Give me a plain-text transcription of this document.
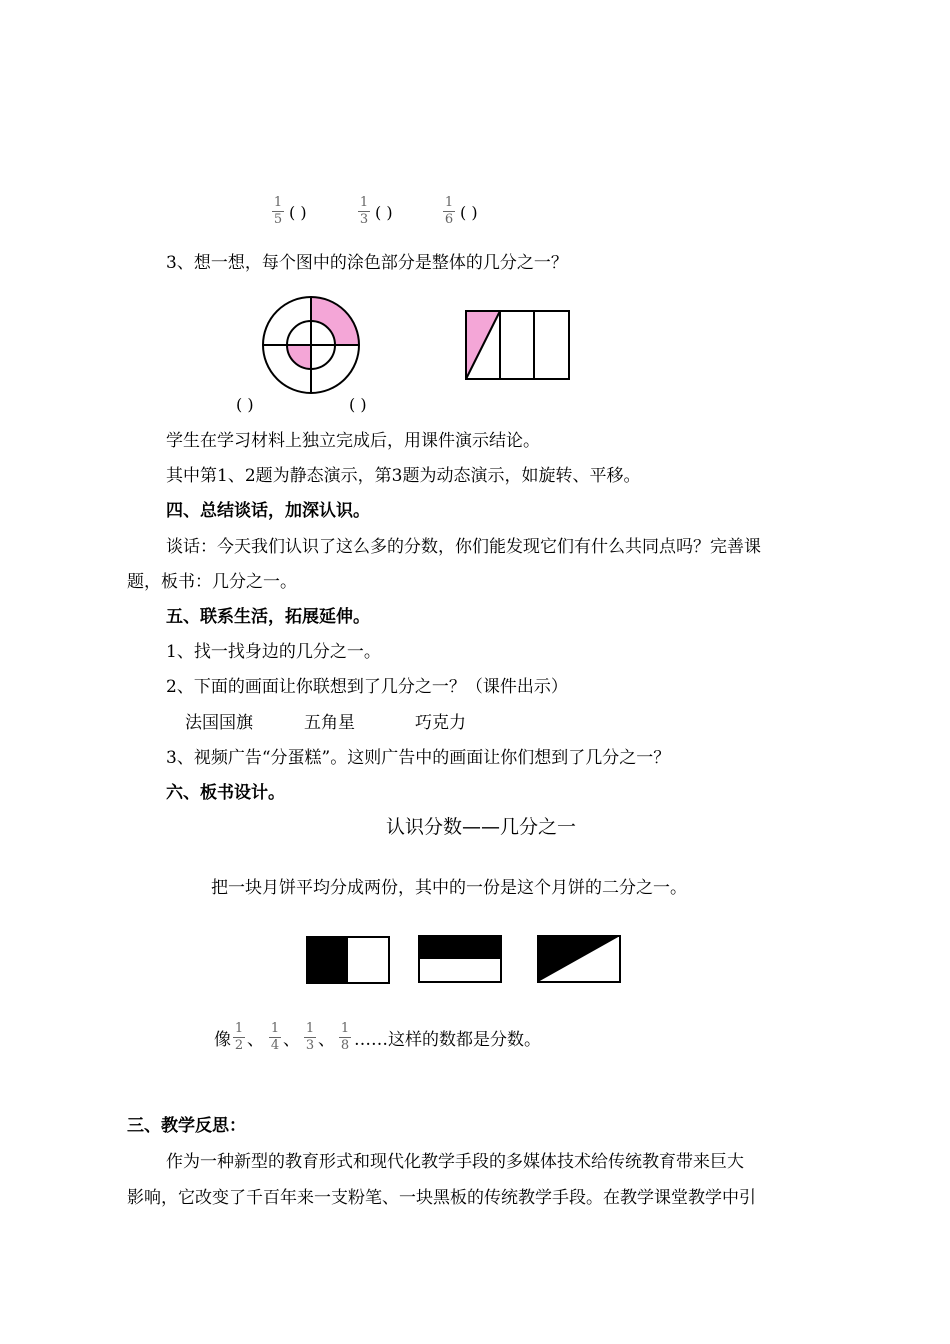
1
5 ( )
1
3 ( )
1
6 ( )
3、想一想，每个图中的涂色部分是整体的几分之一？
( )	( )
学生在学习材料上独立完成后，用课件演示结论。
其中第1、2题为静态演示，第3题为动态演示，如旋转、平移。
四、总结谈话，加深认识。
谈话：今天我们认识了这么多的分数，你们能发现它们有什么共同点吗？完善课
题，板书：几分之一。
五、联系生活，拓展延伸。
1、找一找身边的几分之一。
2、下面的画面让你联想到了几分之一？（课件出示）
法国国旗	五角星	巧克力
3、视频广告“分蛋糕”。这则广告中的画面让你们想到了几分之一？
六、板书设计。
认识分数——几分之一
把一块月饼平均分成两份，其中的一份是这个月饼的二分之一。
像
1
2 、
1
4 、
1
3 、
1
8 ……这样的数都是分数。
三、教学反思：
作为一种新型的教育形式和现代化教学手段的多媒体技术给传统教育带来巨大
影响，它改变了千百年来一支粉笔、一块黑板的传统教学手段。在教学课堂教学中引
